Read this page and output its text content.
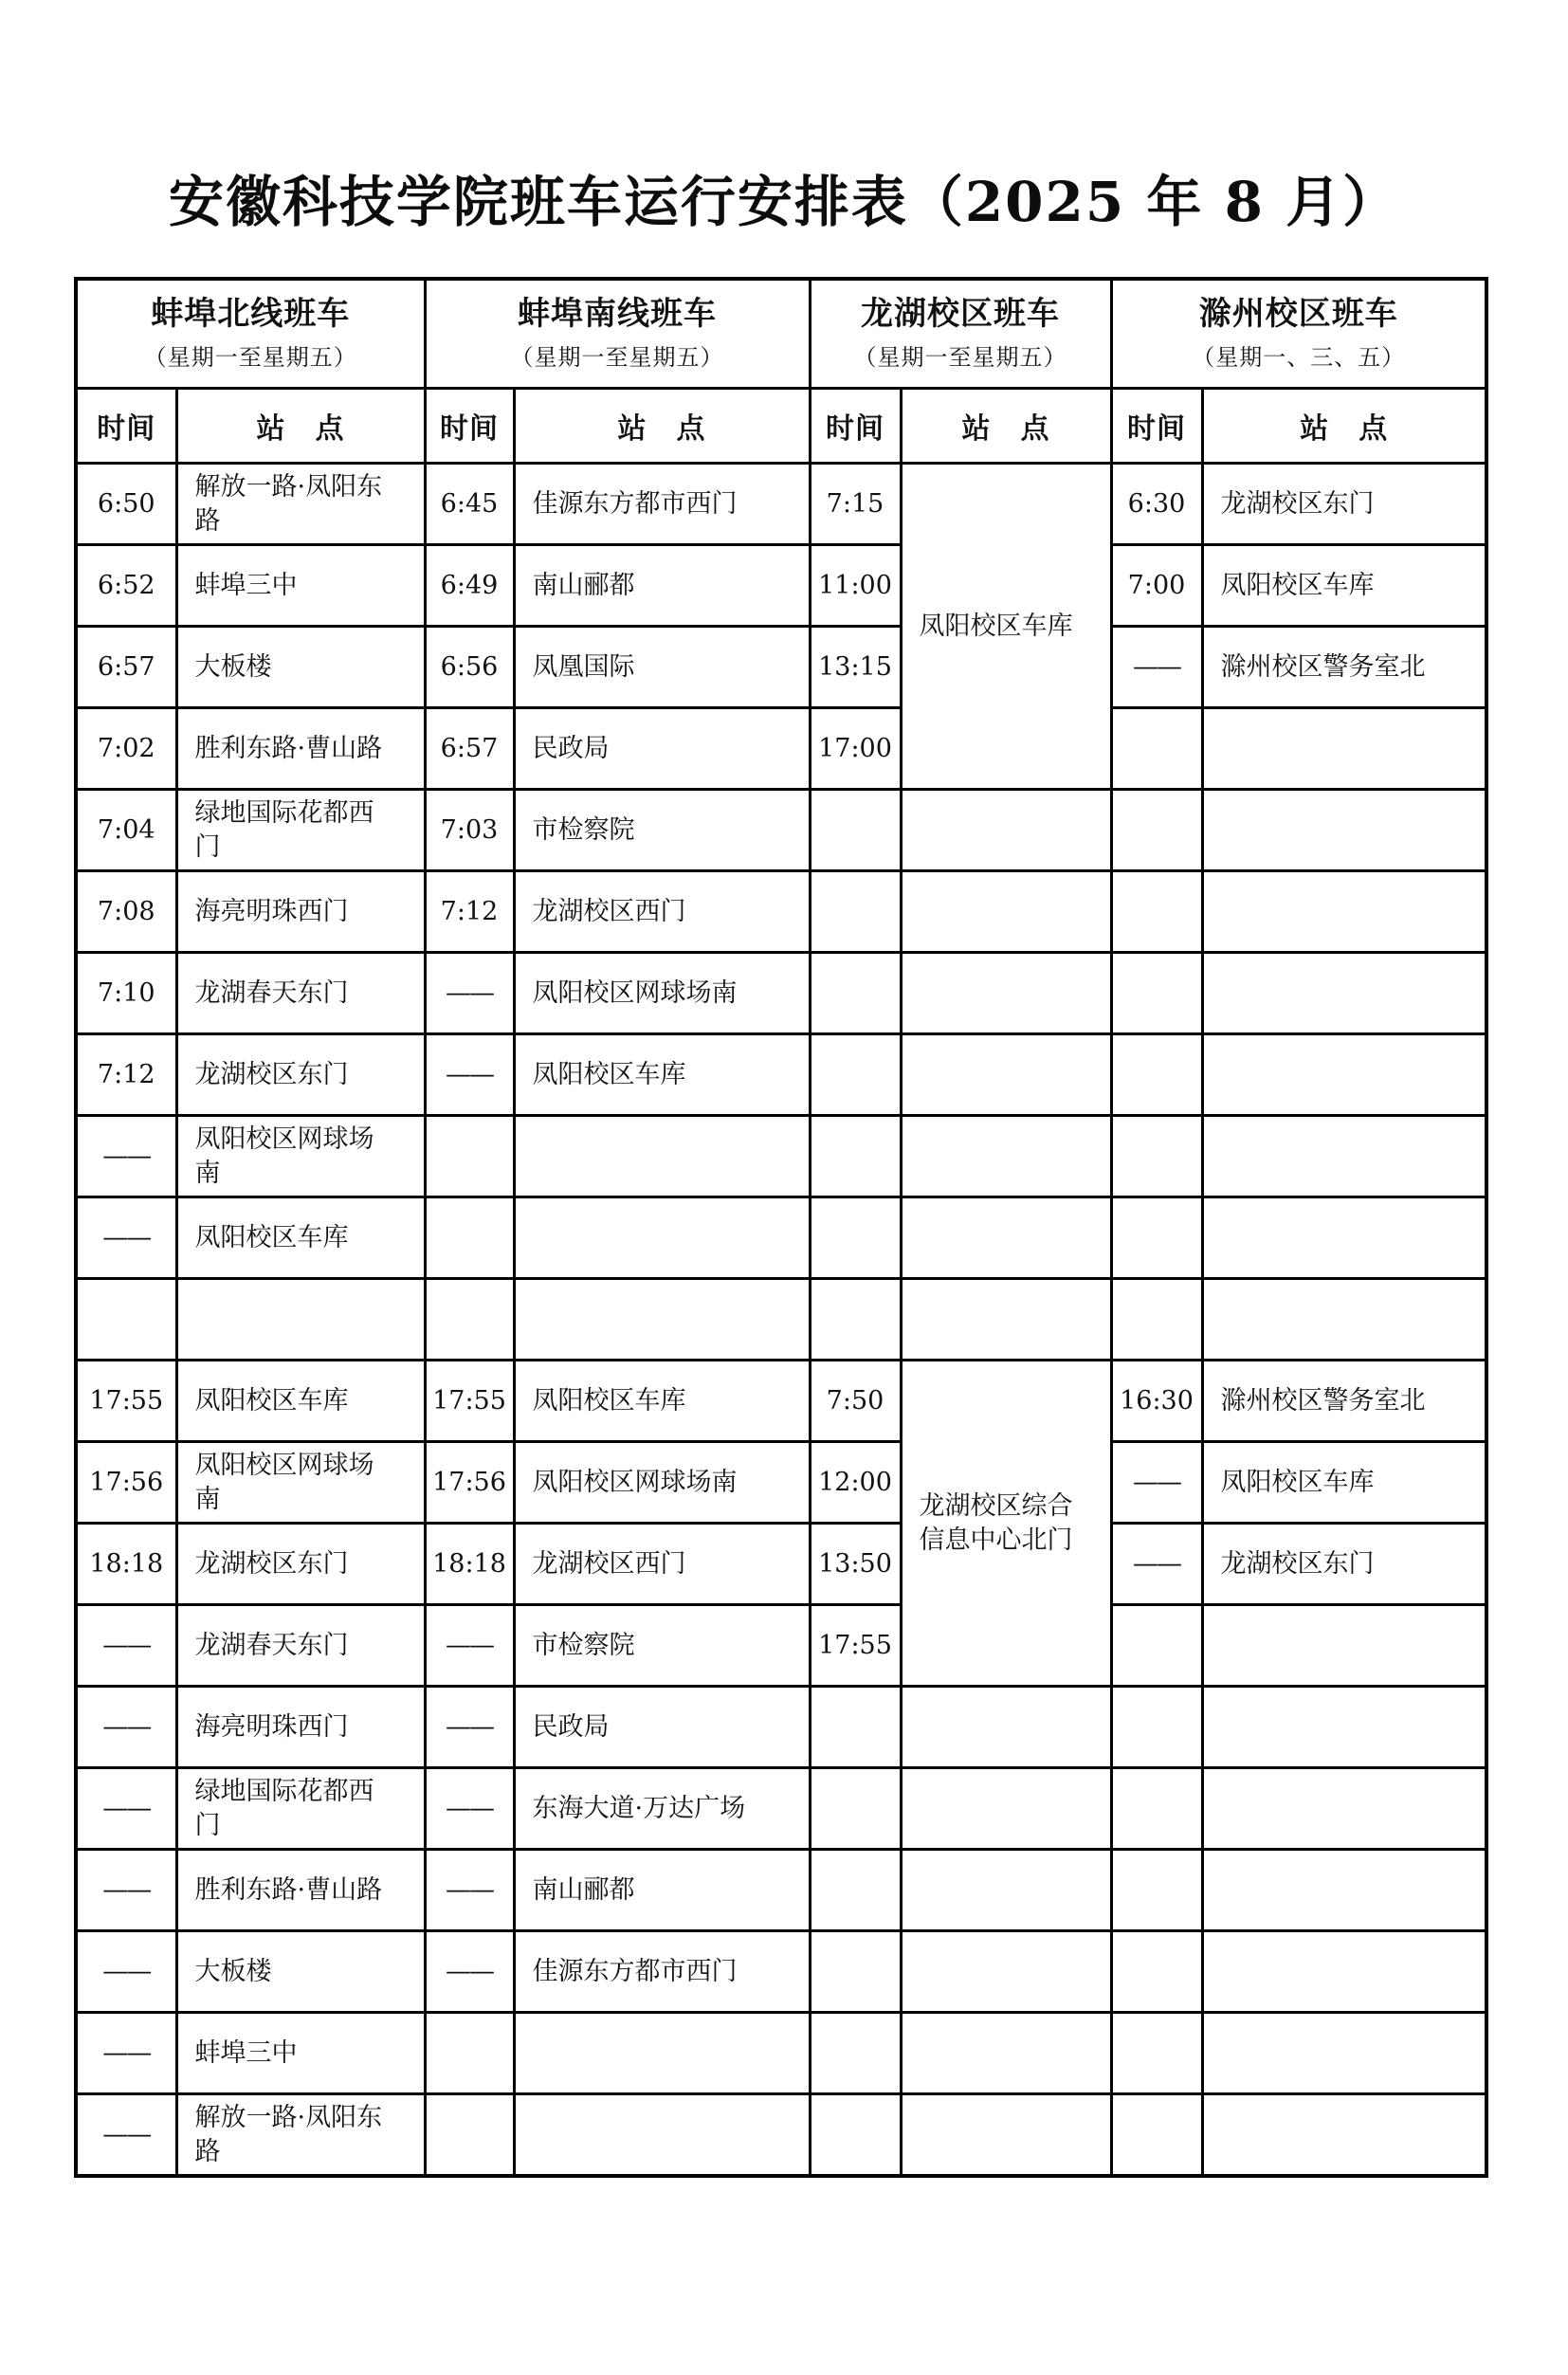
安徽科技学院班车运行安排表（2025 年 8 月）
蚌埠北线班车
（星期一至星期五）

蚌埠南线班车
（星期一至星期五）

龙湖校区班车
（星期一至星期五）

滁州校区班车
（星期一、三、五）

时间	站　点	时间	站　点	时间	站　点	时间	站　点
6:50	解放一路·凤阳东路	6:45	佳源东方都市西门	7:15	凤阳校区车库	6:30	龙湖校区东门
6:52	蚌埠三中	6:49	南山郦都	11:00		7:00	凤阳校区车库
6:57	大板楼	6:56	凤凰国际	13:15		——	滁州校区警务室北
7:02	胜利东路·曹山路	6:57	民政局	17:00			
7:04	绿地国际花都西门	7:03	市检察院				
7:08	海亮明珠西门	7:12	龙湖校区西门				
7:10	龙湖春天东门	——	凤阳校区网球场南				
7:12	龙湖校区东门	——	凤阳校区车库				
——	凤阳校区网球场南						
——	凤阳校区车库						

17:55	凤阳校区车库	17:55	凤阳校区车库	7:50	龙湖校区综合信息中心北门	16:30	滁州校区警务室北
17:56	凤阳校区网球场南	17:56	凤阳校区网球场南	12:00		——	凤阳校区车库
18:18	龙湖校区东门	18:18	龙湖校区西门	13:50		——	龙湖校区东门
——	龙湖春天东门	——	市检察院	17:55			
——	海亮明珠西门	——	民政局				
——	绿地国际花都西门	——	东海大道·万达广场				
——	胜利东路·曹山路	——	南山郦都				
——	大板楼	——	佳源东方都市西门				
——	蚌埠三中						
——	解放一路·凤阳东路						
